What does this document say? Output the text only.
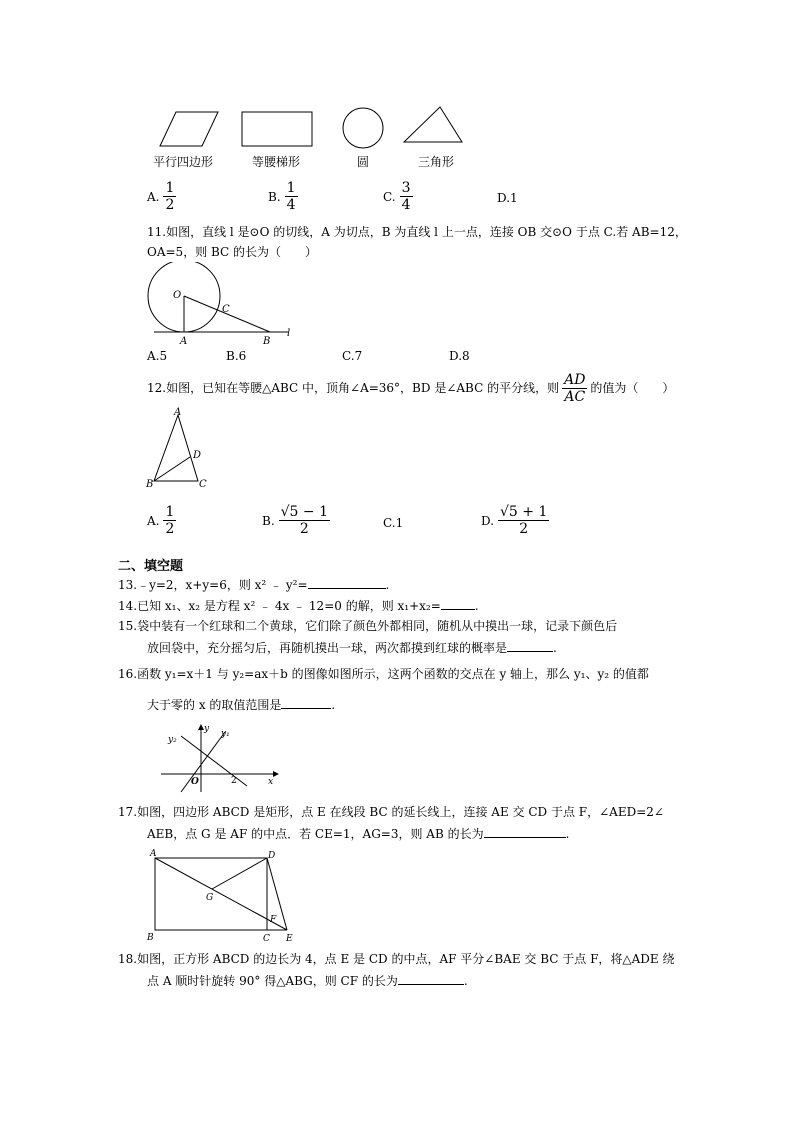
平行四边形	等腰梯形	圆	三角形
A. $\frac{1}{2}$	B. $\frac{1}{4}$	C. $\frac{3}{4}$	D.1
11.如图，直线 l 是⊙O 的切线，A 为切点，B 为直线 l 上一点，连接 OB 交⊙O 于点 C.若 AB=12，
OA=5，则 BC 的长为（　　）
O
C
A	B
l
A.5	B.6	C.7	D.8
12.如图，已知在等腰△ABC 中，顶角∠A=36°，BD 是∠ABC 的平分线，则 $\frac{AD}{AC}$ 的值为（　　）
A
B	C
D
A. $\frac{1}{2}$	B. $\frac{√5 - 1}{2}$	C.1	D. $\frac{√5 + 1}{2}$
二、填空题
13.﹣y=2，x+y=6，则 x² ﹣ y²=	.
14.已知 x₁、x₂ 是方程 x² ﹣ 4x ﹣ 12=0 的解，则 x₁+x₂=	.
15.袋中装有一个红球和二个黄球，它们除了颜色外都相同，随机从中摸出一球，记录下颜色后
放回袋中，充分摇匀后，再随机摸出一球，两次都摸到红球的概率是	.
16.函数 y₁=x＋1 与 y₂=ax＋b 的图像如图所示，这两个函数的交点在 y 轴上，那么 y₁、y₂ 的值都
大于零的 x 的取值范围是	.
y y₁
y₂
O	2	x
17.如图，四边形 ABCD 是矩形，点 E 在线段 BC 的延长线上，连接 AE 交 CD 于点 F，∠AED=2∠
AEB，点 G 是 AF 的中点．若 CE=1，AG=3，则 AB 的长为	.
A	D
G
F
B	C E
18.如图，正方形 ABCD 的边长为 4，点 E 是 CD 的中点，AF 平分∠BAE 交 BC 于点 F，将△ADE 绕
点 A 顺时针旋转 90° 得△ABG，则 CF 的长为	.
